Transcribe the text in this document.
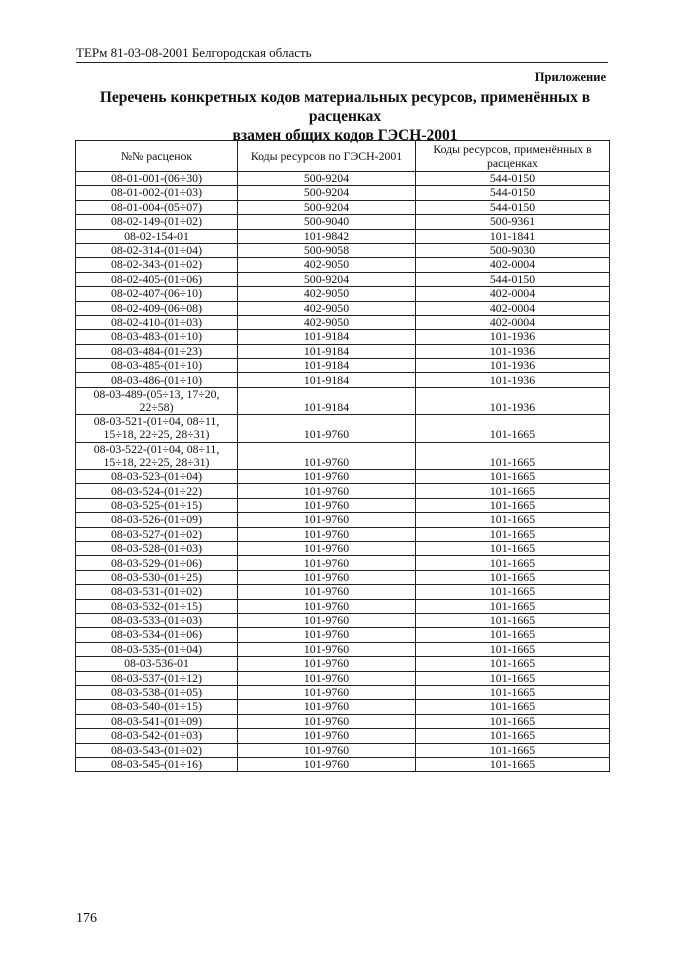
ТЕРм 81-03-08-2001 Белгородская область
Приложение
Перечень конкретных кодов материальных ресурсов, применённых в расценках
взамен общих кодов ГЭСН-2001
№№ расценок	Коды ресурсов по ГЭСН-2001	Коды ресурсов, применённых в расценках
08-01-001-(06÷30)	500-9204	544-0150
08-01-002-(01÷03)	500-9204	544-0150
08-01-004-(05÷07)	500-9204	544-0150
08-02-149-(01÷02)	500-9040	500-9361
08-02-154-01	101-9842	101-1841
08-02-314-(01÷04)	500-9058	500-9030
08-02-343-(01÷02)	402-9050	402-0004
08-02-405-(01÷06)	500-9204	544-0150
08-02-407-(06÷10)	402-9050	402-0004
08-02-409-(06÷08)	402-9050	402-0004
08-02-410-(01÷03)	402-9050	402-0004
08-03-483-(01÷10)	101-9184	101-1936
08-03-484-(01÷23)	101-9184	101-1936
08-03-485-(01÷10)	101-9184	101-1936
08-03-486-(01÷10)	101-9184	101-1936
08-03-489-(05÷13, 17÷20, 22÷58)	101-9184	101-1936
08-03-521-(01÷04, 08÷11, 15÷18, 22÷25, 28÷31)	101-9760	101-1665
08-03-522-(01÷04, 08÷11, 15÷18, 22÷25, 28÷31)	101-9760	101-1665
08-03-523-(01÷04)	101-9760	101-1665
08-03-524-(01÷22)	101-9760	101-1665
08-03-525-(01÷15)	101-9760	101-1665
08-03-526-(01÷09)	101-9760	101-1665
08-03-527-(01÷02)	101-9760	101-1665
08-03-528-(01÷03)	101-9760	101-1665
08-03-529-(01÷06)	101-9760	101-1665
08-03-530-(01÷25)	101-9760	101-1665
08-03-531-(01÷02)	101-9760	101-1665
08-03-532-(01÷15)	101-9760	101-1665
08-03-533-(01÷03)	101-9760	101-1665
08-03-534-(01÷06)	101-9760	101-1665
08-03-535-(01÷04)	101-9760	101-1665
08-03-536-01	101-9760	101-1665
08-03-537-(01÷12)	101-9760	101-1665
08-03-538-(01÷05)	101-9760	101-1665
08-03-540-(01÷15)	101-9760	101-1665
08-03-541-(01÷09)	101-9760	101-1665
08-03-542-(01÷03)	101-9760	101-1665
08-03-543-(01÷02)	101-9760	101-1665
08-03-545-(01÷16)	101-9760	101-1665
176
